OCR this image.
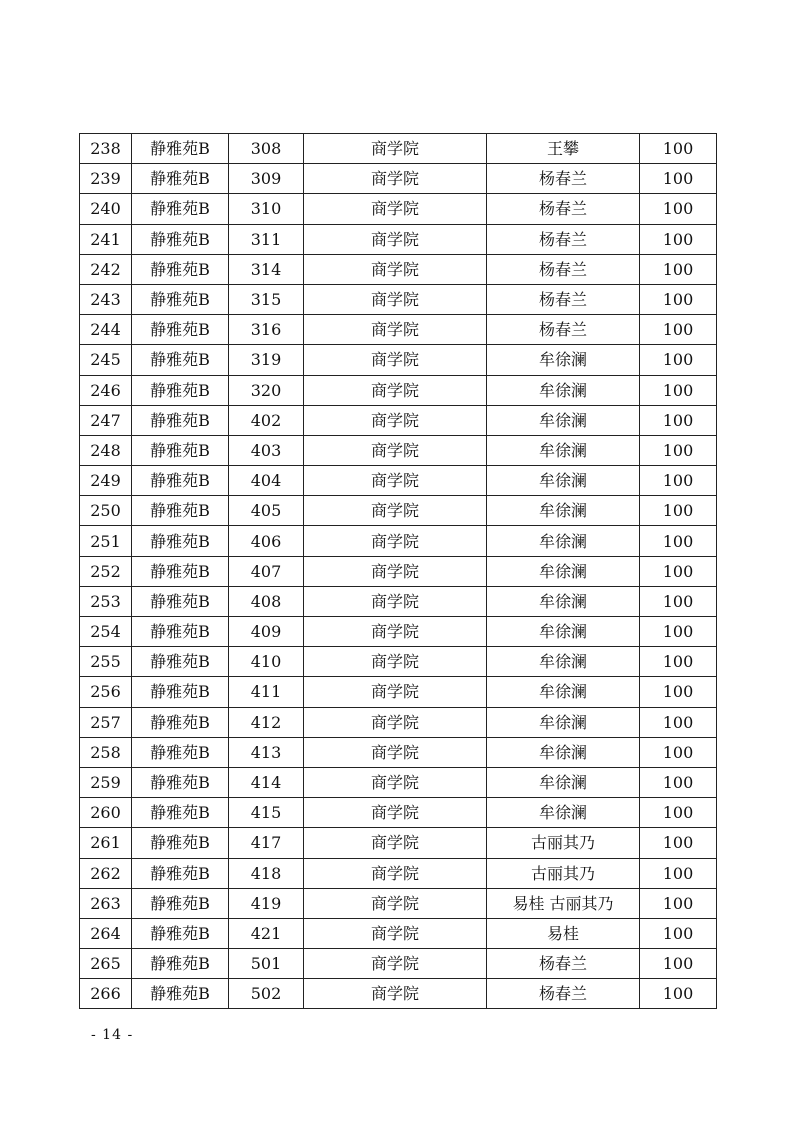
238	静雅苑B	308	商学院	王攀	100
239	静雅苑B	309	商学院	杨春兰	100
240	静雅苑B	310	商学院	杨春兰	100
241	静雅苑B	311	商学院	杨春兰	100
242	静雅苑B	314	商学院	杨春兰	100
243	静雅苑B	315	商学院	杨春兰	100
244	静雅苑B	316	商学院	杨春兰	100
245	静雅苑B	319	商学院	牟徐澜	100
246	静雅苑B	320	商学院	牟徐澜	100
247	静雅苑B	402	商学院	牟徐澜	100
248	静雅苑B	403	商学院	牟徐澜	100
249	静雅苑B	404	商学院	牟徐澜	100
250	静雅苑B	405	商学院	牟徐澜	100
251	静雅苑B	406	商学院	牟徐澜	100
252	静雅苑B	407	商学院	牟徐澜	100
253	静雅苑B	408	商学院	牟徐澜	100
254	静雅苑B	409	商学院	牟徐澜	100
255	静雅苑B	410	商学院	牟徐澜	100
256	静雅苑B	411	商学院	牟徐澜	100
257	静雅苑B	412	商学院	牟徐澜	100
258	静雅苑B	413	商学院	牟徐澜	100
259	静雅苑B	414	商学院	牟徐澜	100
260	静雅苑B	415	商学院	牟徐澜	100
261	静雅苑B	417	商学院	古丽其乃	100
262	静雅苑B	418	商学院	古丽其乃	100
263	静雅苑B	419	商学院	易桂 古丽其乃	100
264	静雅苑B	421	商学院	易桂	100
265	静雅苑B	501	商学院	杨春兰	100
266	静雅苑B	502	商学院	杨春兰	100
- 14 -
